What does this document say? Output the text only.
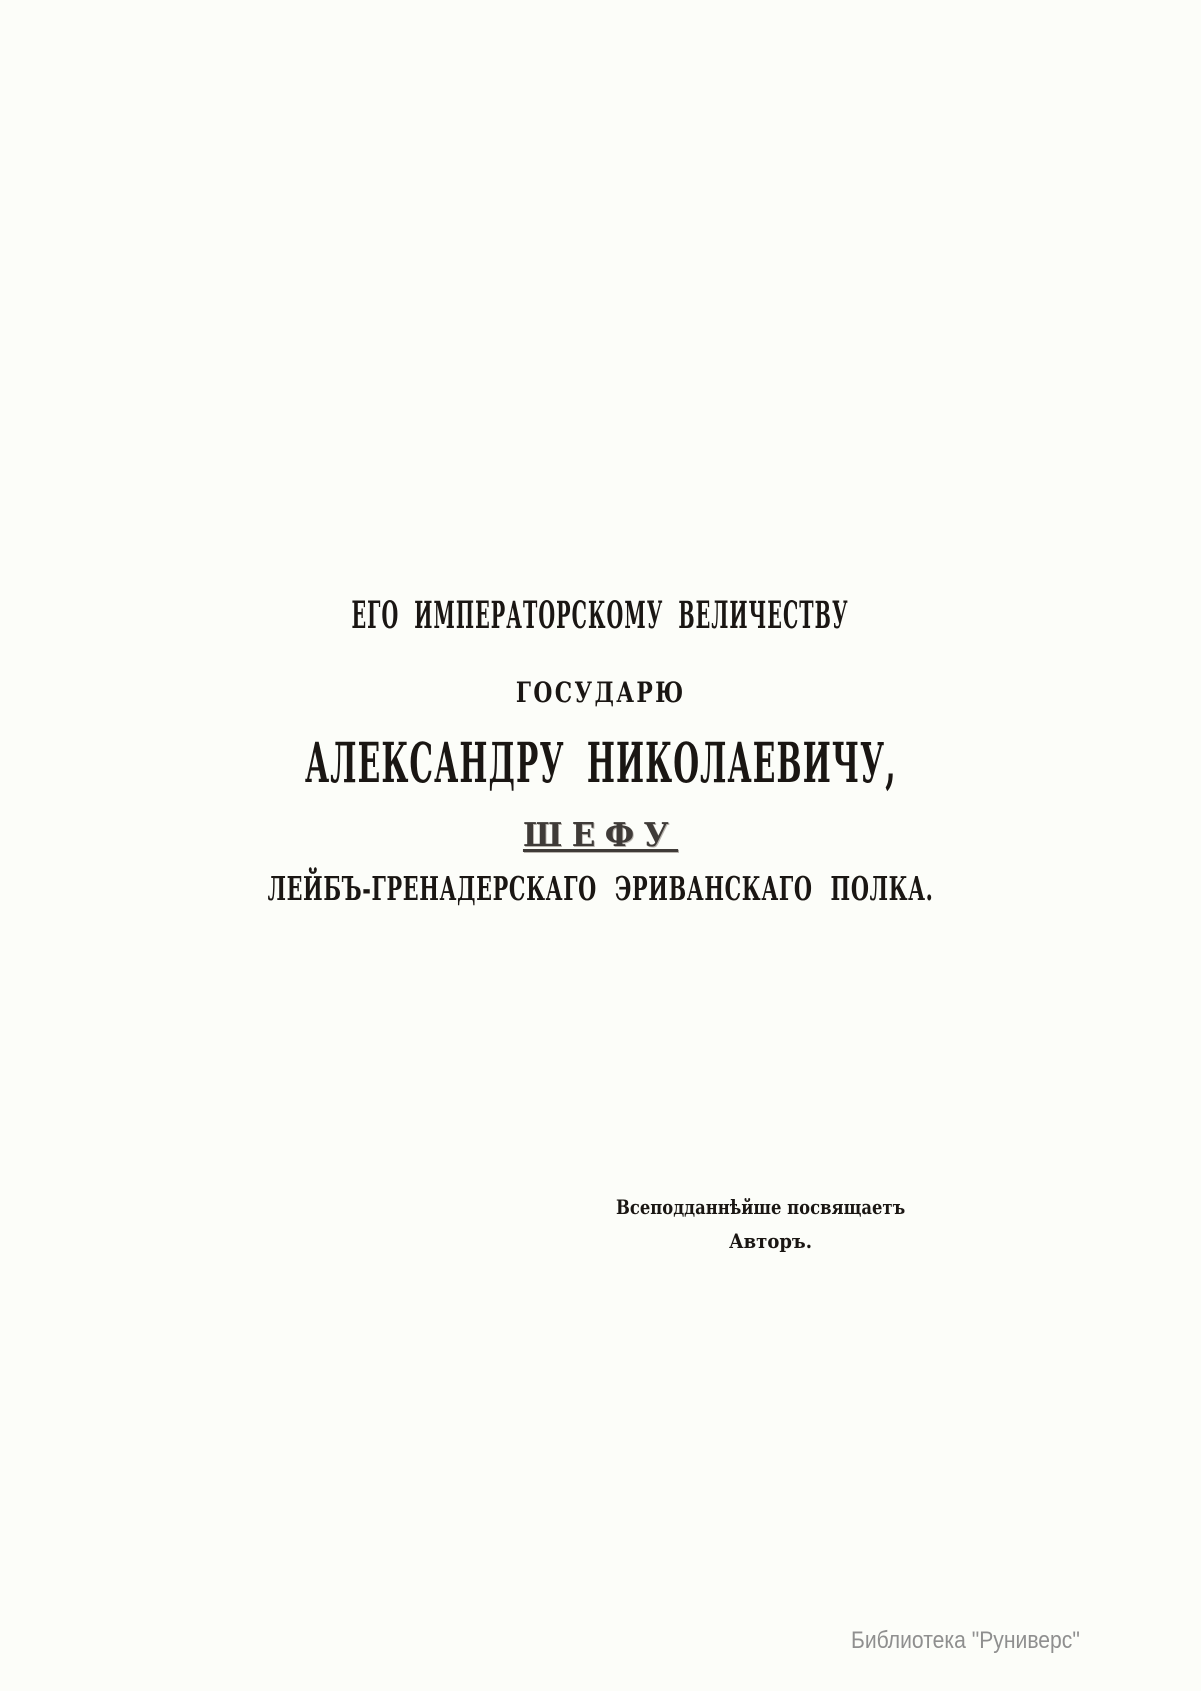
ЕГО ИМПЕРАТОРСКОМУ ВЕЛИЧЕСТВУ
ГОСУДАРЮ
АЛЕКСАНДРУ НИКОЛАЕВИЧУ,
ШЕФУ
ЛЕЙБЪ-ГРЕНАДЕРСКАГО ЭРИВАНСКАГО ПОЛКА.
Всеподданнѣйше посвящаетъ
Авторъ.
Библиотека "Руниверс"
